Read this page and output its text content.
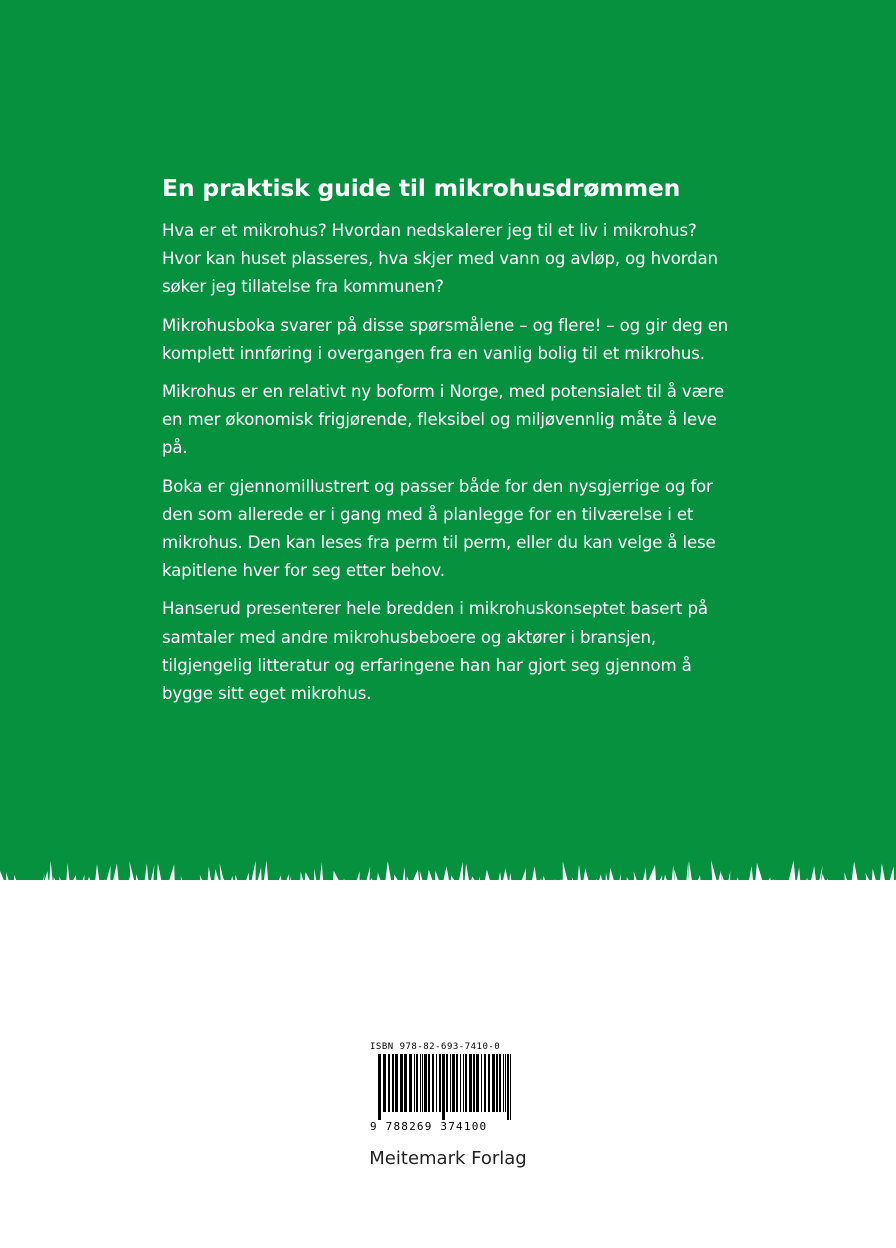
En praktisk guide til mikrohusdrømmen

Hva er et mikrohus? Hvordan nedskalerer jeg til et liv i mikrohus? Hvor kan huset plasseres, hva skjer med vann og avløp, og hvordan søker jeg tillatelse fra kommunen?

Mikrohusboka svarer på disse spørsmålene – og flere! – og gir deg en komplett innføring i overgangen fra en vanlig bolig til et mikrohus.

Mikrohus er en relativt ny boform i Norge, med potensialet til å være en mer økonomisk frigjørende, fleksibel og miljøvennlig måte å leve på.

Boka er gjennomillustrert og passer både for den nysgjerrige og for den som allerede er i gang med å planlegge for en tilværelse i et mikrohus. Den kan leses fra perm til perm, eller du kan velge å lese kapitlene hver for seg etter behov.

Hanserud presenterer hele bredden i mikrohuskonseptet basert på samtaler med andre mikrohusbeboere og aktører i bransjen, tilgjengelig litteratur og erfaringene han har gjort seg gjennom å bygge sitt eget mikrohus.

ISBN 978-82-693-7410-0
9 788269 374100
Meitemark Forlag
